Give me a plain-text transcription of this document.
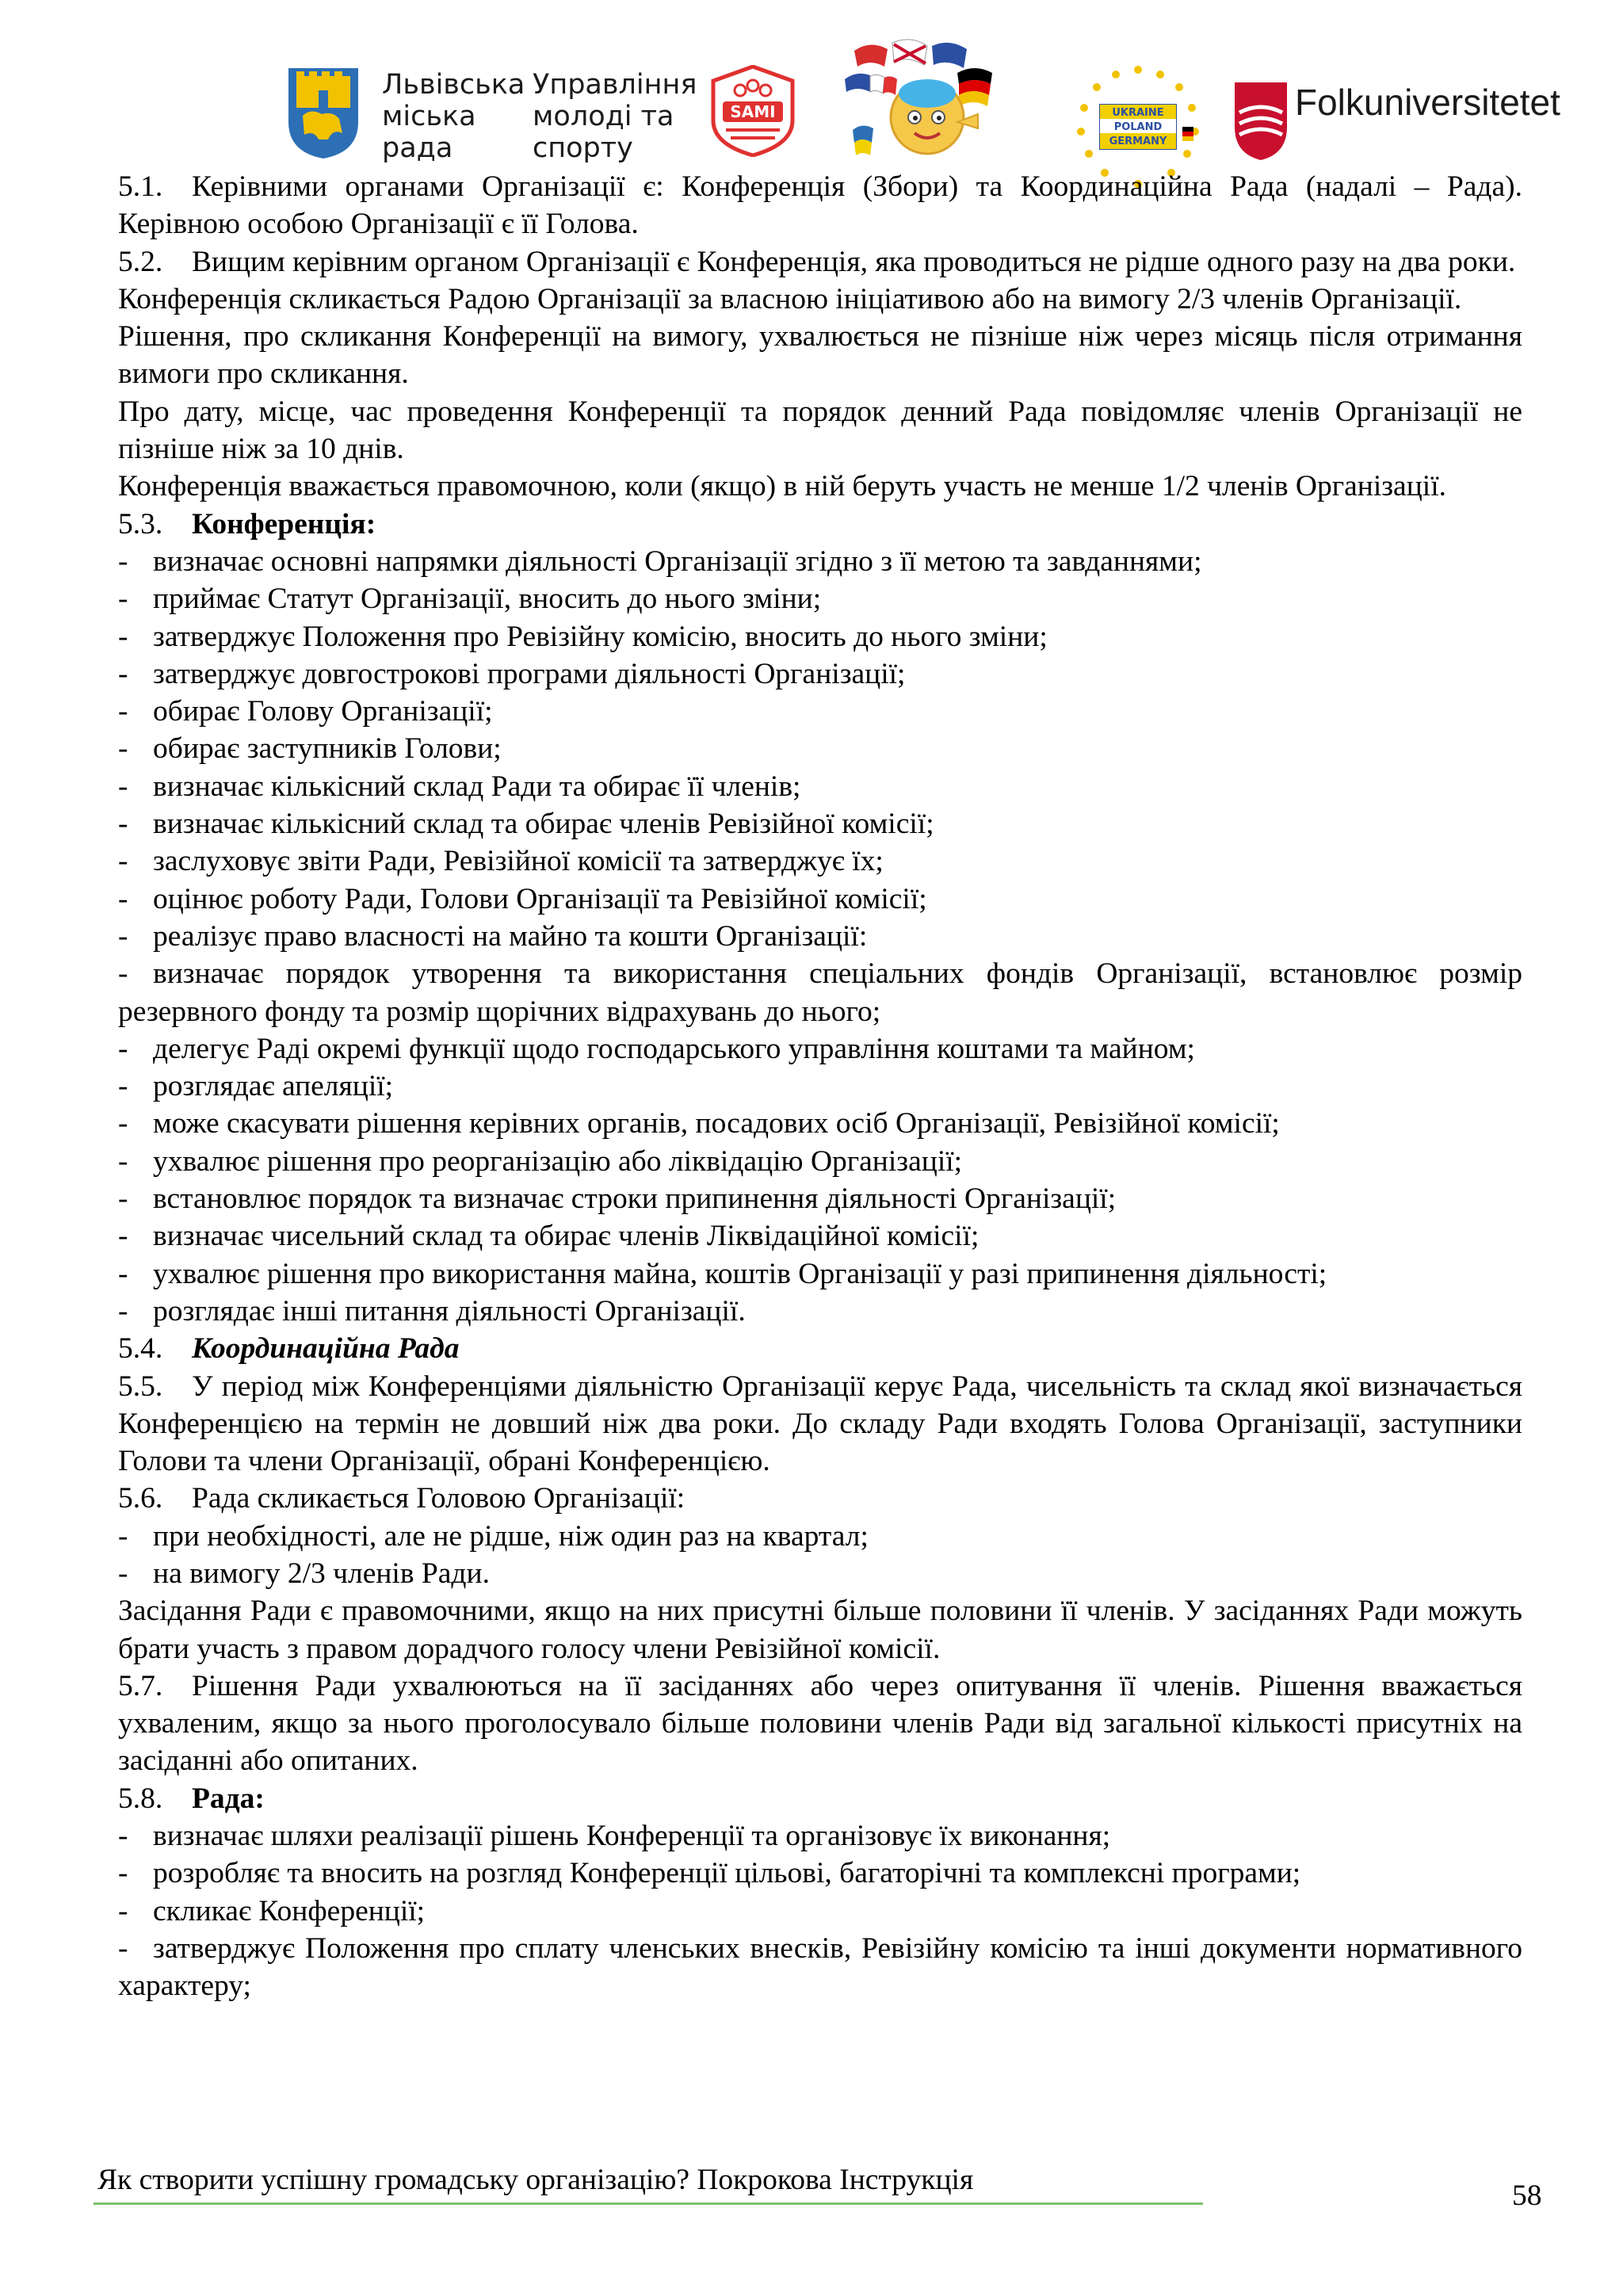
Львівська
міська
рада
Управління
молоді та
спорту
SAMI	UKRAINE
POLAND
GERMANY
Folkuniversitetet

5.1. Керівними органами Організації є: Конференція (Збори) та Координаційна Рада (надалі – Рада). Керівною особою Організації є її Голова.

5.2. Вищим керівним органом Організації є Конференція, яка проводиться не рідше одного разу на два роки.

Конференція скликається Радою Організації за власною ініціативою або на вимогу 2/3 членів Організації.

Рішення, про скликання Конференції на вимогу, ухвалюється не пізніше ніж через місяць після отримання вимоги про скликання.

Про дату, місце, час проведення Конференції та порядок денний Рада повідомляє членів Організації не пізніше ніж за 10 днів.

Конференція вважається правомочною, коли (якщо) в ній беруть участь не менше 1/2 членів Організації.

5.3. Конференція:

- визначає основні напрямки діяльності Організації згідно з її метою та завданнями;

- приймає Статут Організації, вносить до нього зміни;

- затверджує Положення про Ревізійну комісію, вносить до нього зміни;

- затверджує довгострокові програми діяльності Організації;

- обирає Голову Організації;

- обирає заступників Голови;

- визначає кількісний склад Ради та обирає її членів;

- визначає кількісний склад та обирає членів Ревізійної комісії;

- заслуховує звіти Ради, Ревізійної комісії та затверджує їх;

- оцінює роботу Ради, Голови Організації та Ревізійної комісії;

- реалізує право власності на майно та кошти Організації:

- визначає порядок утворення та використання спеціальних фондів Організації, встановлює розмір резервного фонду та розмір щорічних відрахувань до нього;

- делегує Раді окремі функції щодо господарського управління коштами та майном;

- розглядає апеляції;

- може скасувати рішення керівних органів, посадових осіб Організації, Ревізійної комісії;

- ухвалює рішення про реорганізацію або ліквідацію Організації;

- встановлює порядок та визначає строки припинення діяльності Організації;

- визначає чисельний склад та обирає членів Ліквідаційної комісії;

- ухвалює рішення про використання майна, коштів Організації у разі припинення діяльності;

- розглядає інші питання діяльності Організації.

5.4. Координаційна Рада

5.5. У період між Конференціями діяльністю Організації керує Рада, чисельність та склад якої визначається Конференцією на термін не довший ніж два роки. До складу Ради входять Голова Організації, заступники Голови та члени Організації, обрані Конференцією.

5.6. Рада скликається Головою Організації:

- при необхідності, але не рідше, ніж один раз на квартал;

- на вимогу 2/3 членів Ради.

Засідання Ради є правомочними, якщо на них присутні більше половини її членів. У засіданнях Ради можуть брати участь з правом дорадчого голосу члени Ревізійної комісії.

5.7. Рішення Ради ухвалюються на її засіданнях або через опитування її членів. Рішення вважається ухваленим, якщо за нього проголосувало більше половини членів Ради від загальної кількості присутніх на засіданні або опитаних.

5.8. Рада:

- визначає шляхи реалізації рішень Конференції та організовує їх виконання;

- розробляє та вносить на розгляд Конференції цільові, багаторічні та комплексні програми;

- скликає Конференції;

- затверджує Положення про сплату членських внесків, Ревізійну комісію та інші документи нормативного характеру;

Як створити успішну громадську організацію? Покрокова Інструкція	58
